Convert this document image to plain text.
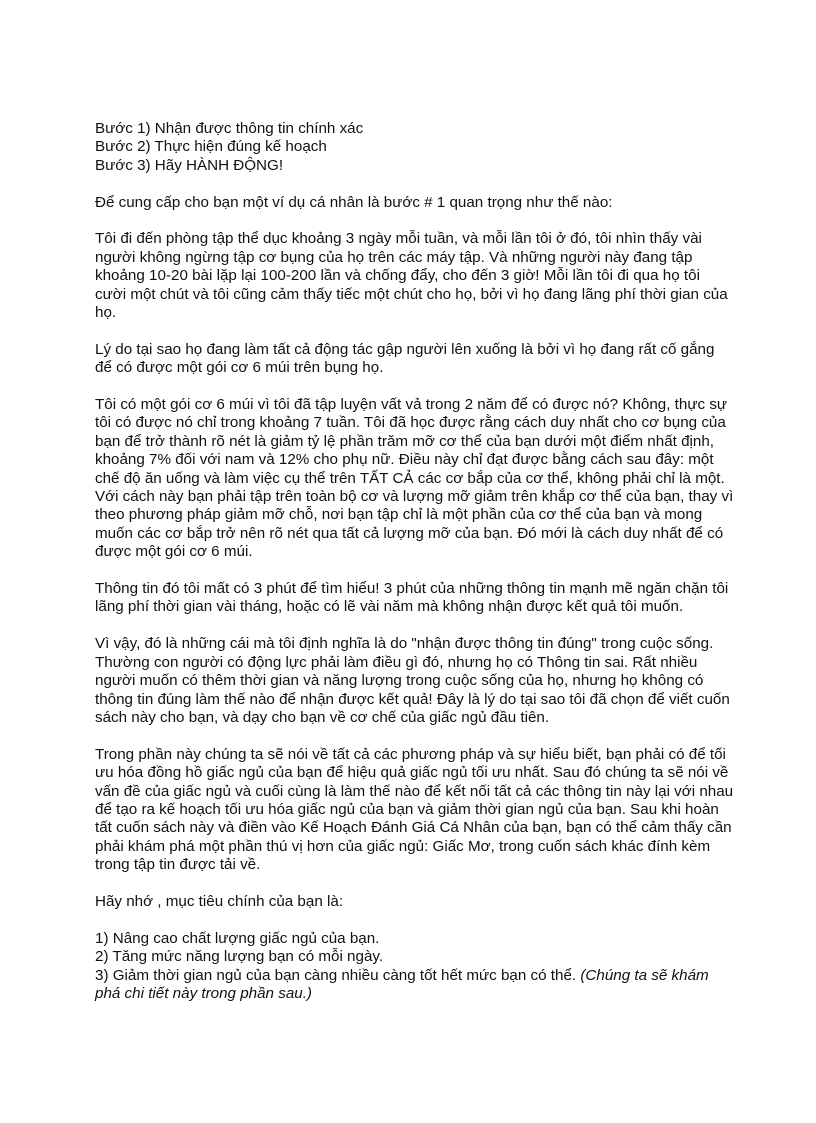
Bước 1) Nhận được thông tin chính xác
Bước 2) Thực hiện đúng kế hoạch
Bước 3) Hãy HÀNH ĐỘNG!

Để cung cấp cho bạn một ví dụ cá nhân là bước # 1 quan trọng như thế nào:

Tôi đi đến phòng tập thể dục khoảng 3 ngày mỗi tuần, và mỗi lần tôi ở đó, tôi nhìn thấy vài người không ngừng tập cơ bụng của họ trên các máy tập. Và những người này đang tập khoảng 10-20 bài lặp lại 100-200 lần và chống đẩy, cho đến 3 giờ! Mỗi lần tôi đi qua họ tôi cười một chút và tôi cũng cảm thấy tiếc một chút cho họ, bởi vì họ đang lãng phí thời gian của họ.

Lý do tại sao họ đang làm tất cả động tác gập người lên xuống là bởi vì họ đang rất cố gắng để có được một gói cơ 6 múi trên bụng họ.

Tôi có một gói cơ 6 múi vì tôi đã tập luyện vất vả trong 2 năm để có được nó? Không, thực sự tôi có được nó chỉ trong khoảng 7 tuần. Tôi đã học được rằng cách duy nhất cho cơ bụng của bạn để trở thành rõ nét là giảm tỷ lệ phần trăm mỡ cơ thể của bạn dưới một điểm nhất định, khoảng 7% đối với nam và 12% cho phụ nữ. Điều này chỉ đạt được bằng cách sau đây: một chế độ ăn uống và làm việc cụ thể trên TẤT CẢ các cơ bắp của cơ thể, không phải chỉ là một. Với cách này bạn phải tập trên toàn bộ cơ và lượng mỡ giảm trên khắp cơ thể của bạn, thay vì theo phương pháp giảm mỡ chỗ, nơi bạn tập chỉ là một phần của cơ thể của bạn và mong muốn các cơ bắp trở nên rõ nét qua tất cả lượng mỡ của bạn. Đó mới là cách duy nhất để có được một gói cơ 6 múi.

Thông tin đó tôi mất có 3 phút để tìm hiểu! 3 phút của những thông tin mạnh mẽ ngăn chặn tôi lãng phí thời gian vài tháng, hoặc có lẽ vài năm mà không nhận được kết quả tôi muốn.

Vì vậy, đó là những cái mà tôi định nghĩa là do "nhận được thông tin đúng" trong cuộc sống. Thường con người có động lực phải làm điều gì đó, nhưng họ có Thông tin sai. Rất nhiều người muốn có thêm thời gian và năng lượng trong cuộc sống của họ, nhưng họ không có thông tin đúng làm thế nào để nhận được kết quả! Đây là lý do tại sao tôi đã chọn để viết cuốn sách này cho bạn, và dạy cho bạn về cơ chế của giấc ngủ đầu tiên.

Trong phần này chúng ta sẽ nói về tất cả các phương pháp và sự hiểu biết, bạn phải có để tối ưu hóa đồng hồ giấc ngủ của bạn để hiệu quả giấc ngủ tối ưu nhất. Sau đó chúng ta sẽ nói về vấn đề của giấc ngủ và cuối cùng là làm thế nào để kết nối tất cả các thông tin này lại với nhau để tạo ra kế hoạch tối ưu hóa giấc ngủ của bạn và giảm thời gian ngủ của bạn. Sau khi hoàn tất cuốn sách này và điền vào Kế Hoạch Đánh Giá Cá Nhân của bạn, bạn có thể cảm thấy cần phải khám phá một phần thú vị hơn của giấc ngủ: Giấc Mơ, trong cuốn sách khác đính kèm trong tập tin được tải về.

Hãy nhớ , mục tiêu chính của bạn là:

1) Nâng cao chất lượng giấc ngủ của bạn.
2) Tăng mức năng lượng bạn có mỗi ngày.
3) Giảm thời gian ngủ của bạn càng nhiều càng tốt hết mức bạn có thể. (Chúng ta sẽ khám phá chi tiết này trong phần sau.)
